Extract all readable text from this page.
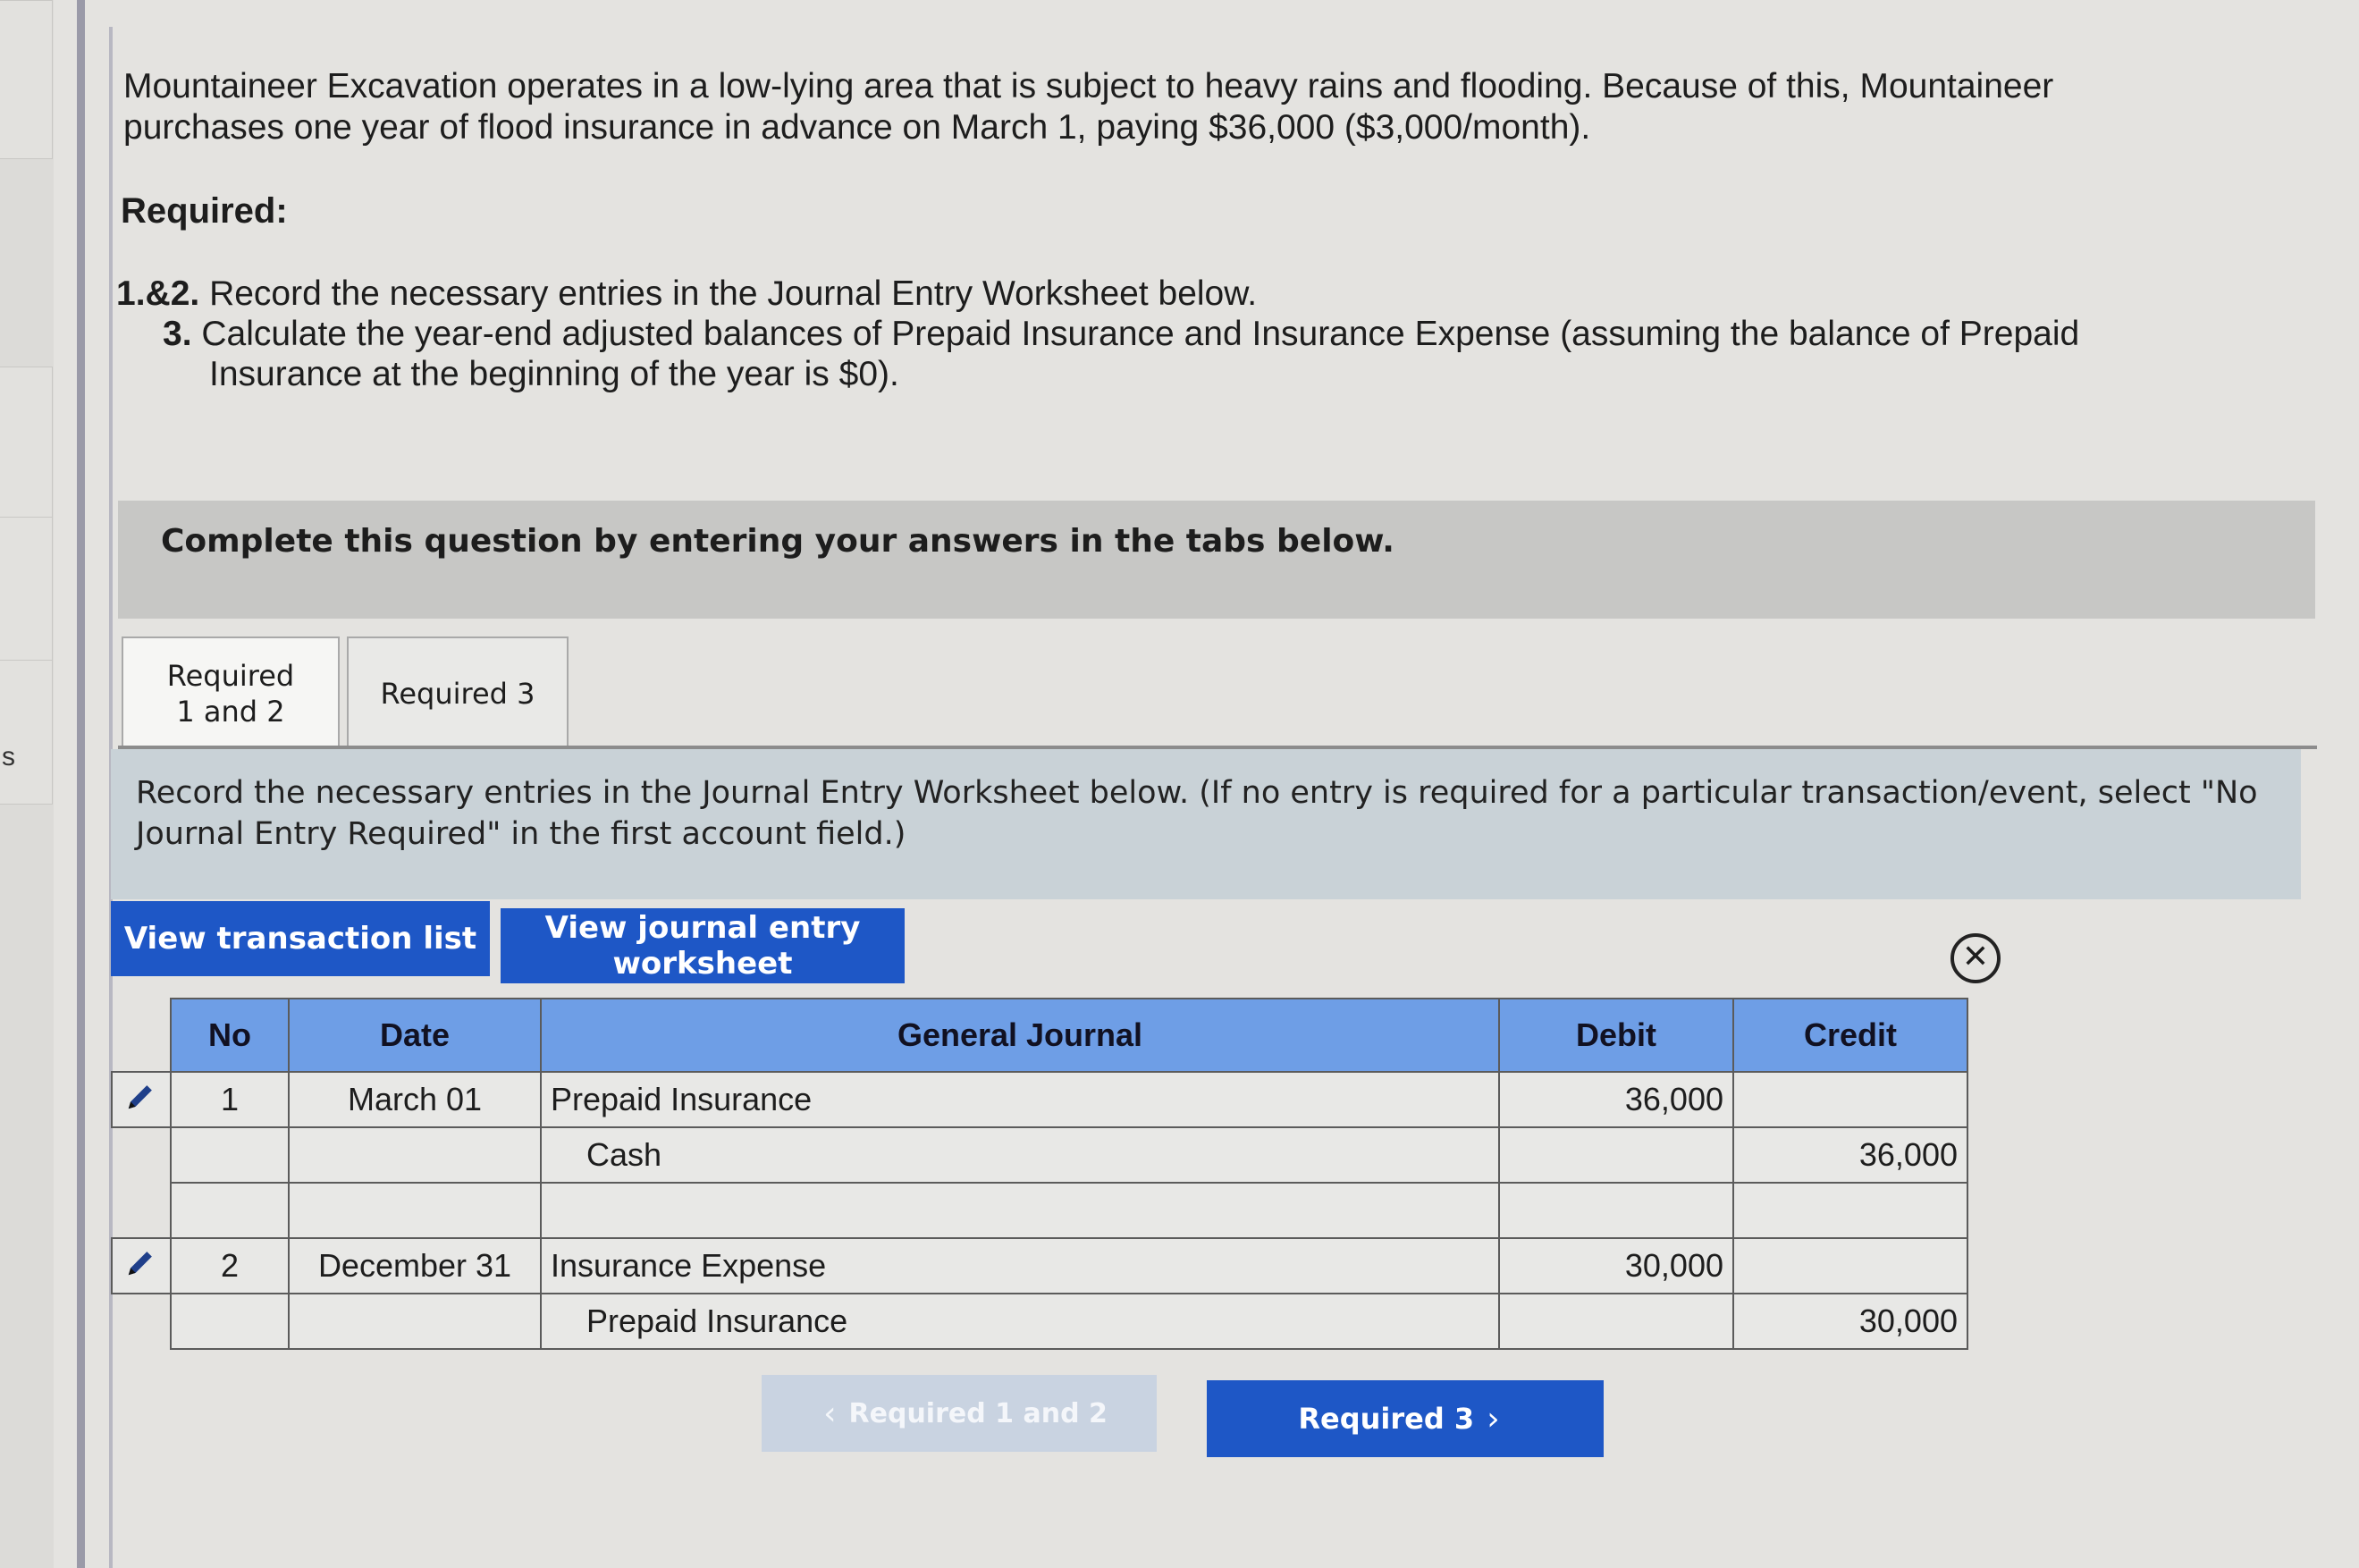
s
Mountaineer Excavation operates in a low-lying area that is subject to heavy rains and flooding. Because of this, Mountaineer purchases one year of flood insurance in advance on March 1, paying $36,000 ($3,000/month).
Required:
1.&2. Record the necessary entries in the Journal Entry Worksheet below.
3. Calculate the year-end adjusted balances of Prepaid Insurance and Insurance Expense (assuming the balance of Prepaid
Insurance at the beginning of the year is $0).
Complete this question by entering your answers in the tabs below.
Required 1 and 2
Required 3
Record the necessary entries in the Journal Entry Worksheet below. (If no entry is required for a particular transaction/event, select "No Journal Entry Required" in the first account field.)
View transaction list	View journal entry worksheet	✕
	No	Date	General Journal	Debit	Credit
	1	March 01	Prepaid Insurance	36,000	
			Cash		36,000

	2	December 31	Insurance Expense	30,000	
			Prepaid Insurance		30,000
‹ Required 1 and 2	Required 3 ›
